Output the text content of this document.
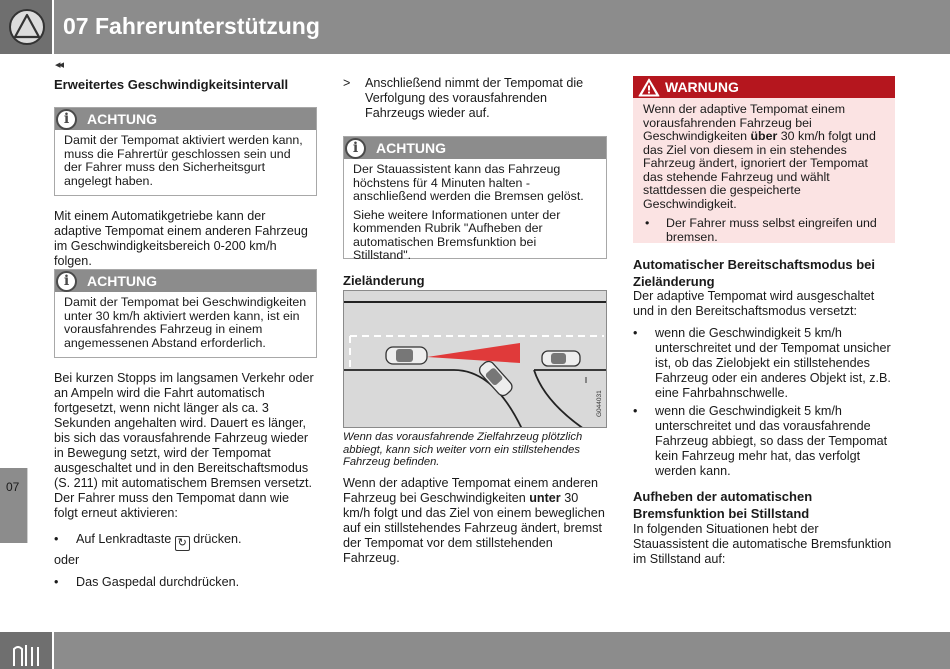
07 Fahrerunterstützung
◂◂
07
Erweitertes Geschwindigkeitsintervall
i	ACHTUNG
Damit der Tempomat aktiviert werden kann, muss die Fahrertür geschlossen sein und der Fahrer muss den Sicherheitsgurt angelegt haben.
Mit einem Automatikgetriebe kann der adaptive Tempomat einem anderen Fahrzeug im Geschwindigkeitsbereich 0-200 km/h folgen.
i	ACHTUNG
Damit der Tempomat bei Geschwindigkeiten unter 30 km/h aktiviert werden kann, ist ein vorausfahrendes Fahrzeug in einem angemessenen Abstand erforderlich.
Bei kurzen Stopps im langsamen Verkehr oder an Ampeln wird die Fahrt automatisch fortgesetzt, wenn nicht länger als ca. 3 Sekunden angehalten wird. Dauert es länger, bis sich das vorausfahrende Fahrzeug wieder in Bewegung setzt, wird der Tempomat ausgeschaltet und in den Bereitschaftsmodus (S. 211) mit automatischem Bremsen versetzt. Der Fahrer muss den Tempomat dann wie folgt erneut aktivieren:
• Auf Lenkradtaste ↻ drücken.
oder
• Das Gaspedal durchdrücken.
> Anschließend nimmt der Tempomat die Verfolgung des vorausfahrenden Fahrzeugs wieder auf.
i	ACHTUNG
Der Stauassistent kann das Fahrzeug höchstens für 4 Minuten halten - anschließend werden die Bremsen gelöst.
Siehe weitere Informationen unter der kommenden Rubrik "Aufheben der automatischen Bremsfunktion bei Stillstand".
Zieländerung
G044031
Wenn das vorausfahrende Zielfahrzeug plötzlich abbiegt, kann sich weiter vorn ein stillstehendes Fahrzeug befinden.
Wenn der adaptive Tempomat einem anderen Fahrzeug bei Geschwindigkeiten unter 30 km/h folgt und das Ziel von einem beweglichen auf ein stillstehendes Fahrzeug ändert, bremst der Tempomat vor dem stillstehenden Fahrzeug.
WARNUNG
Wenn der adaptive Tempomat einem vorausfahrenden Fahrzeug bei Geschwindigkeiten über 30 km/h folgt und das Ziel von diesem in ein stehendes Fahrzeug ändert, ignoriert der Tempomat das stehende Fahrzeug und wählt stattdessen die gespeicherte Geschwindigkeit.
• Der Fahrer muss selbst eingreifen und bremsen.
Automatischer Bereitschaftsmodus bei Zieländerung
Der adaptive Tempomat wird ausgeschaltet und in den Bereitschaftsmodus versetzt:
• wenn die Geschwindigkeit 5 km/h unterschreitet und der Tempomat unsicher ist, ob das Zielobjekt ein stillstehendes Fahrzeug oder ein anderes Objekt ist, z.B. eine Fahrbahnschwelle.
• wenn die Geschwindigkeit 5 km/h unterschreitet und das vorausfahrende Fahrzeug abbiegt, so dass der Tempomat kein Fahrzeug mehr hat, das verfolgt werden kann.
Aufheben der automatischen Bremsfunktion bei Stillstand
In folgenden Situationen hebt der Stauassistent die automatische Bremsfunktion im Stillstand auf:
